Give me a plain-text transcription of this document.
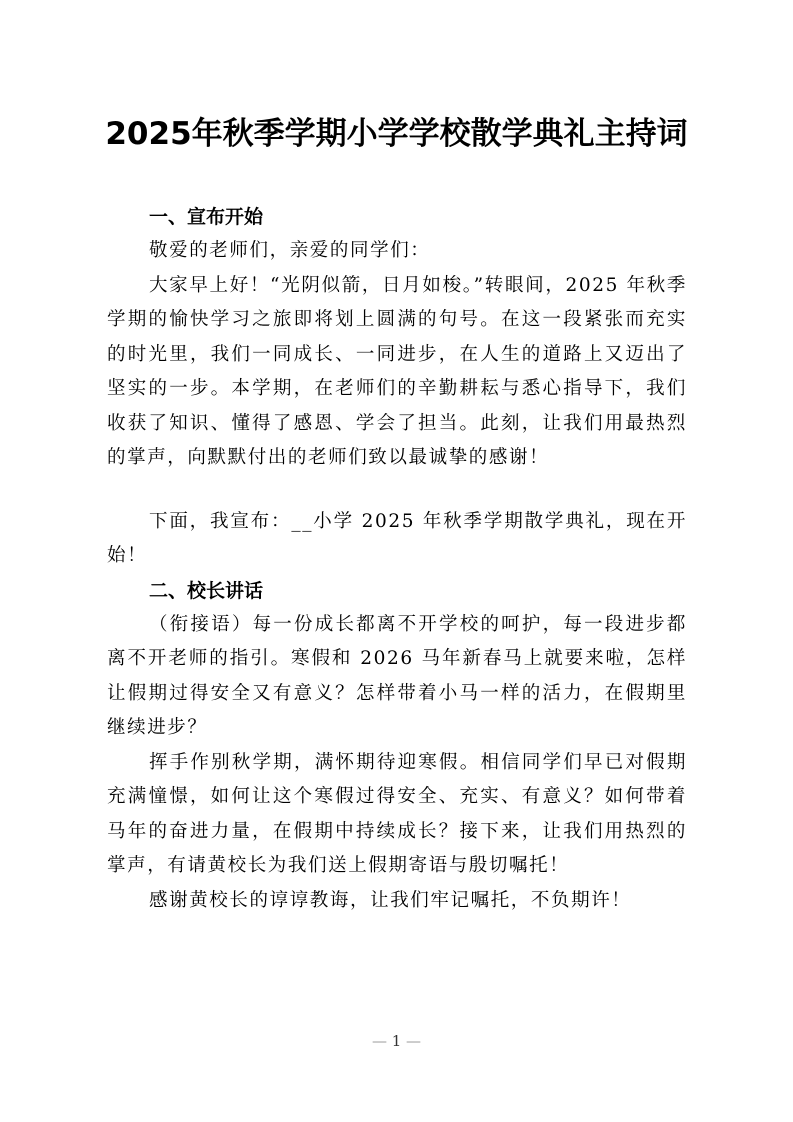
2025年秋季学期小学学校散学典礼主持词
一、宣布开始

敬爱的老师们，亲爱的同学们：

大家早上好！“光阴似箭，日月如梭。”转眼间，2025 年秋季学期的愉快学习之旅即将划上圆满的句号。在这一段紧张而充实的时光里，我们一同成长、一同进步，在人生的道路上又迈出了坚实的一步。本学期，在老师们的辛勤耕耘与悉心指导下，我们收获了知识、懂得了感恩、学会了担当。此刻，让我们用最热烈的掌声，向默默付出的老师们致以最诚挚的感谢！

下面，我宣布：__小学 2025 年秋季学期散学典礼，现在开始！

二、校长讲话

（衔接语）每一份成长都离不开学校的呵护，每一段进步都离不开老师的指引。寒假和 2026 马年新春马上就要来啦，怎样让假期过得安全又有意义？怎样带着小马一样的活力，在假期里继续进步？

挥手作别秋学期，满怀期待迎寒假。相信同学们早已对假期充满憧憬，如何让这个寒假过得安全、充实、有意义？如何带着马年的奋进力量，在假期中持续成长？接下来，让我们用热烈的掌声，有请黄校长为我们送上假期寄语与殷切嘱托！

感谢黄校长的谆谆教诲，让我们牢记嘱托，不负期许！

— 1 —
